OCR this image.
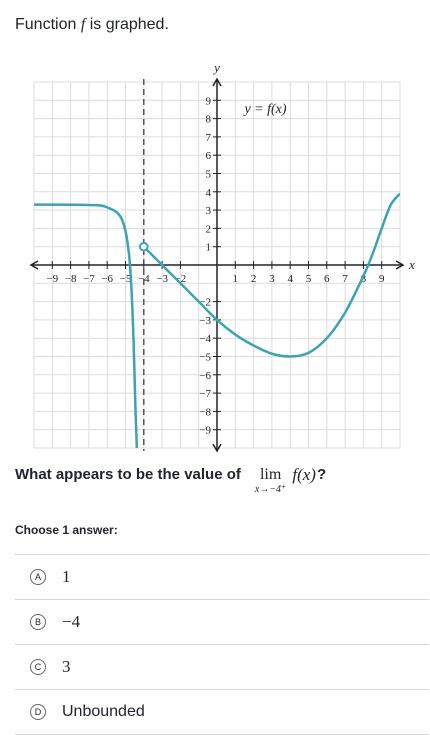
Function f is graphed.
−9 −8 −7 −6 −5 −4 −3 −2	1 2 3 4 5 6 7 8 9
9
8
7
6
5
4
3
2
1
−2
−3
−4
−5
−6
−7
−8
−9
x
y
y = f(x)
What appears to be the value of lim
x→−4⁺
f(x) ?
Choose 1 answer:
A 1
B −4
C 3
D Unbounded
